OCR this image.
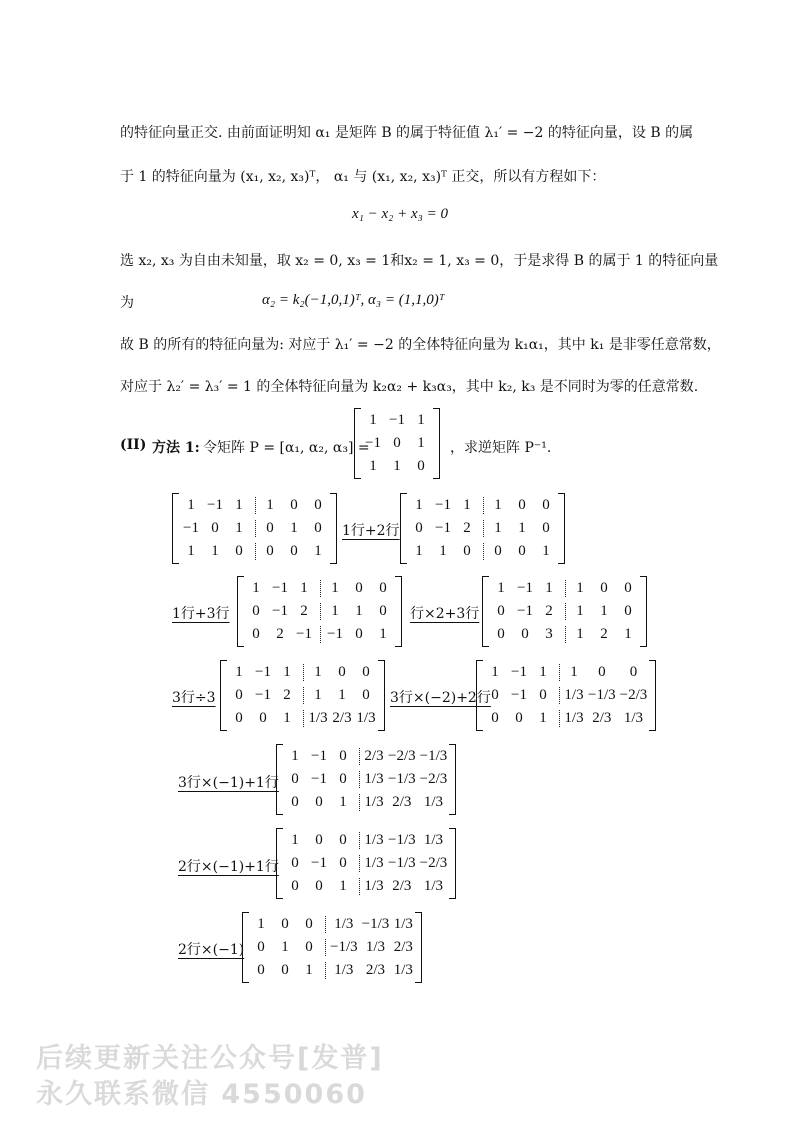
的特征向量正交. 由前面证明知 α₁ 是矩阵 B 的属于特征值 λ₁′ = −2 的特征向量，设 B 的属
于 1 的特征向量为 (x₁, x₂, x₃)ᵀ， α₁ 与 (x₁, x₂, x₃)ᵀ 正交，所以有方程如下：
x₁ − x₂ + x₃ = 0
选 x₂, x₃ 为自由未知量，取 x₂ = 0, x₃ = 1和x₂ = 1, x₃ = 0，于是求得 B 的属于 1 的特征向量
为	α₂ = k₂(−1,0,1)ᵀ, α₃ = (1,1,0)ᵀ
故 B 的所有的特征向量为: 对应于 λ₁′ = −2 的全体特征向量为 k₁α₁，其中 k₁ 是非零任意常数，
对应于 λ₂′ = λ₃′ = 1 的全体特征向量为 k₂α₂ + k₃α₃，其中 k₂, k₃ 是不同时为零的任意常数.
(II) 方法 1: 令矩阵 P = [α₁, α₂, α₃] =
1 −1 1
−1 0	1
1	1	0
，求逆矩阵 P⁻¹.
1 −1 1	1	0	0
−1 0	1	0	1	0
1	1	0	0	0	1
1行+2行
1 −1 1	1	0	0
0 −1 2	1	1	0
1	1	0	0	0	1
1行+3行
1 −1 1	1	0	0
0 −1 2	1	1	0
0	2 −1	−1 0	1
行×2+3行
1 −1 1	1	0	0
0 −1 2	1	1	0
0	0	3	1	2	1
3行÷3
1 −1 1	1	0	0
0 −1 2	1	1	0
0	0	1	1/3 2/3 1/3
3行×(−2)+2行
1 −1 1	1	0	0
0 −1 0	1/3 −1/3 −2/3
0	0	1	1/3 2/3 1/3
3行×(−1)+1行
1 −1 0	2/3 −2/3 −1/3
0 −1 0	1/3 −1/3 −2/3
0	0	1	1/3 2/3 1/3
2行×(−1)+1行
1	0	0	1/3 −1/3 1/3
0 −1 0	1/3 −1/3 −2/3
0	0	1	1/3 2/3 1/3
2行×(−1)
1	0	0	1/3 −1/3 1/3
0	1	0	−1/3 1/3 2/3
0	0	1	1/3 2/3 1/3
后续更新关注公众号[发普]
永久联系微信 4550060
